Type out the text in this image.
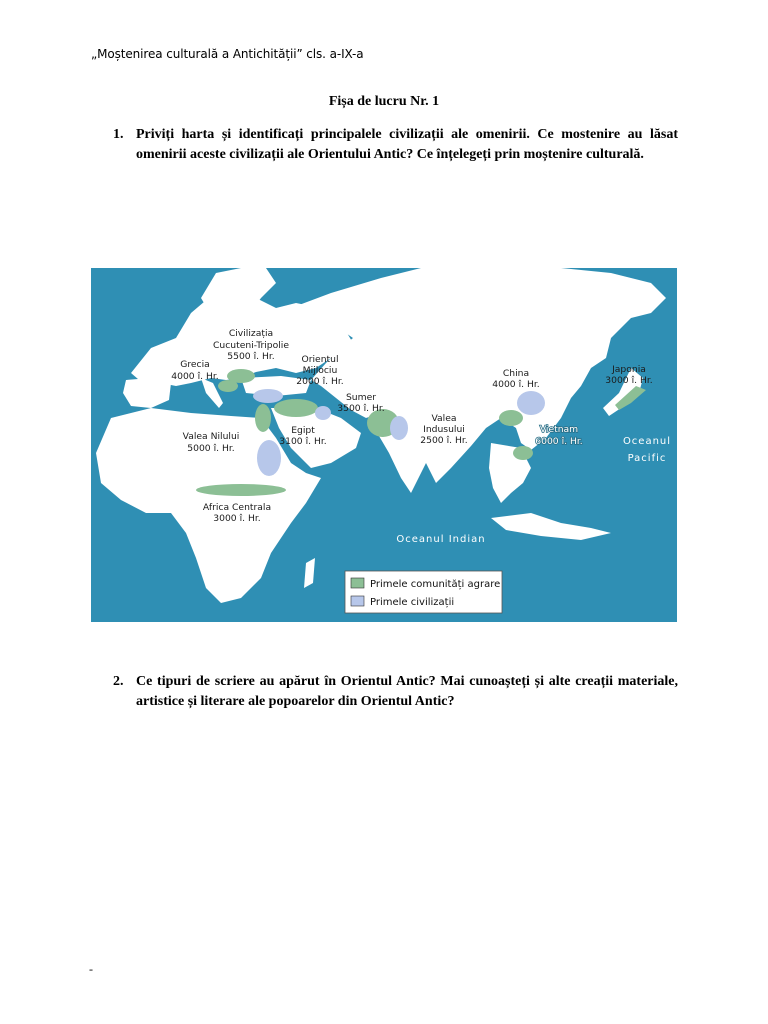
„Moștenirea culturală a Antichității” cls. a-IX-a
Fișa de lucru Nr. 1
1. Priviți harta și identificați principalele civilizații ale omenirii. Ce mostenire au lăsat omenirii aceste civilizații ale Orientului Antic? Ce înțelegeți prin moștenire culturală.
Civilizația Cucuteni-Tripolie 5500 î. Hr.
Grecia 4000 î. Hr.
Orientul Mijlociu 2000 î. Hr.
Sumer 3500 î. Hr.
Egipt 3100 î. Hr.
Valea Nilului 5000 î. Hr.
Valea Indusului 2500 î. Hr.
China 4000 î. Hr.
Japonia 3000 î. Hr.
Vietnam 6000 î. Hr.
Africa Centrala 3000 î. Hr.
Oceanul Pacific
Oceanul Indian
Primele comunități agrare
Primele civilizații
2. Ce tipuri de scriere au apărut în Orientul Antic? Mai cunoașteți și alte creații materiale, artistice și literare ale popoarelor din Orientul Antic?
-
